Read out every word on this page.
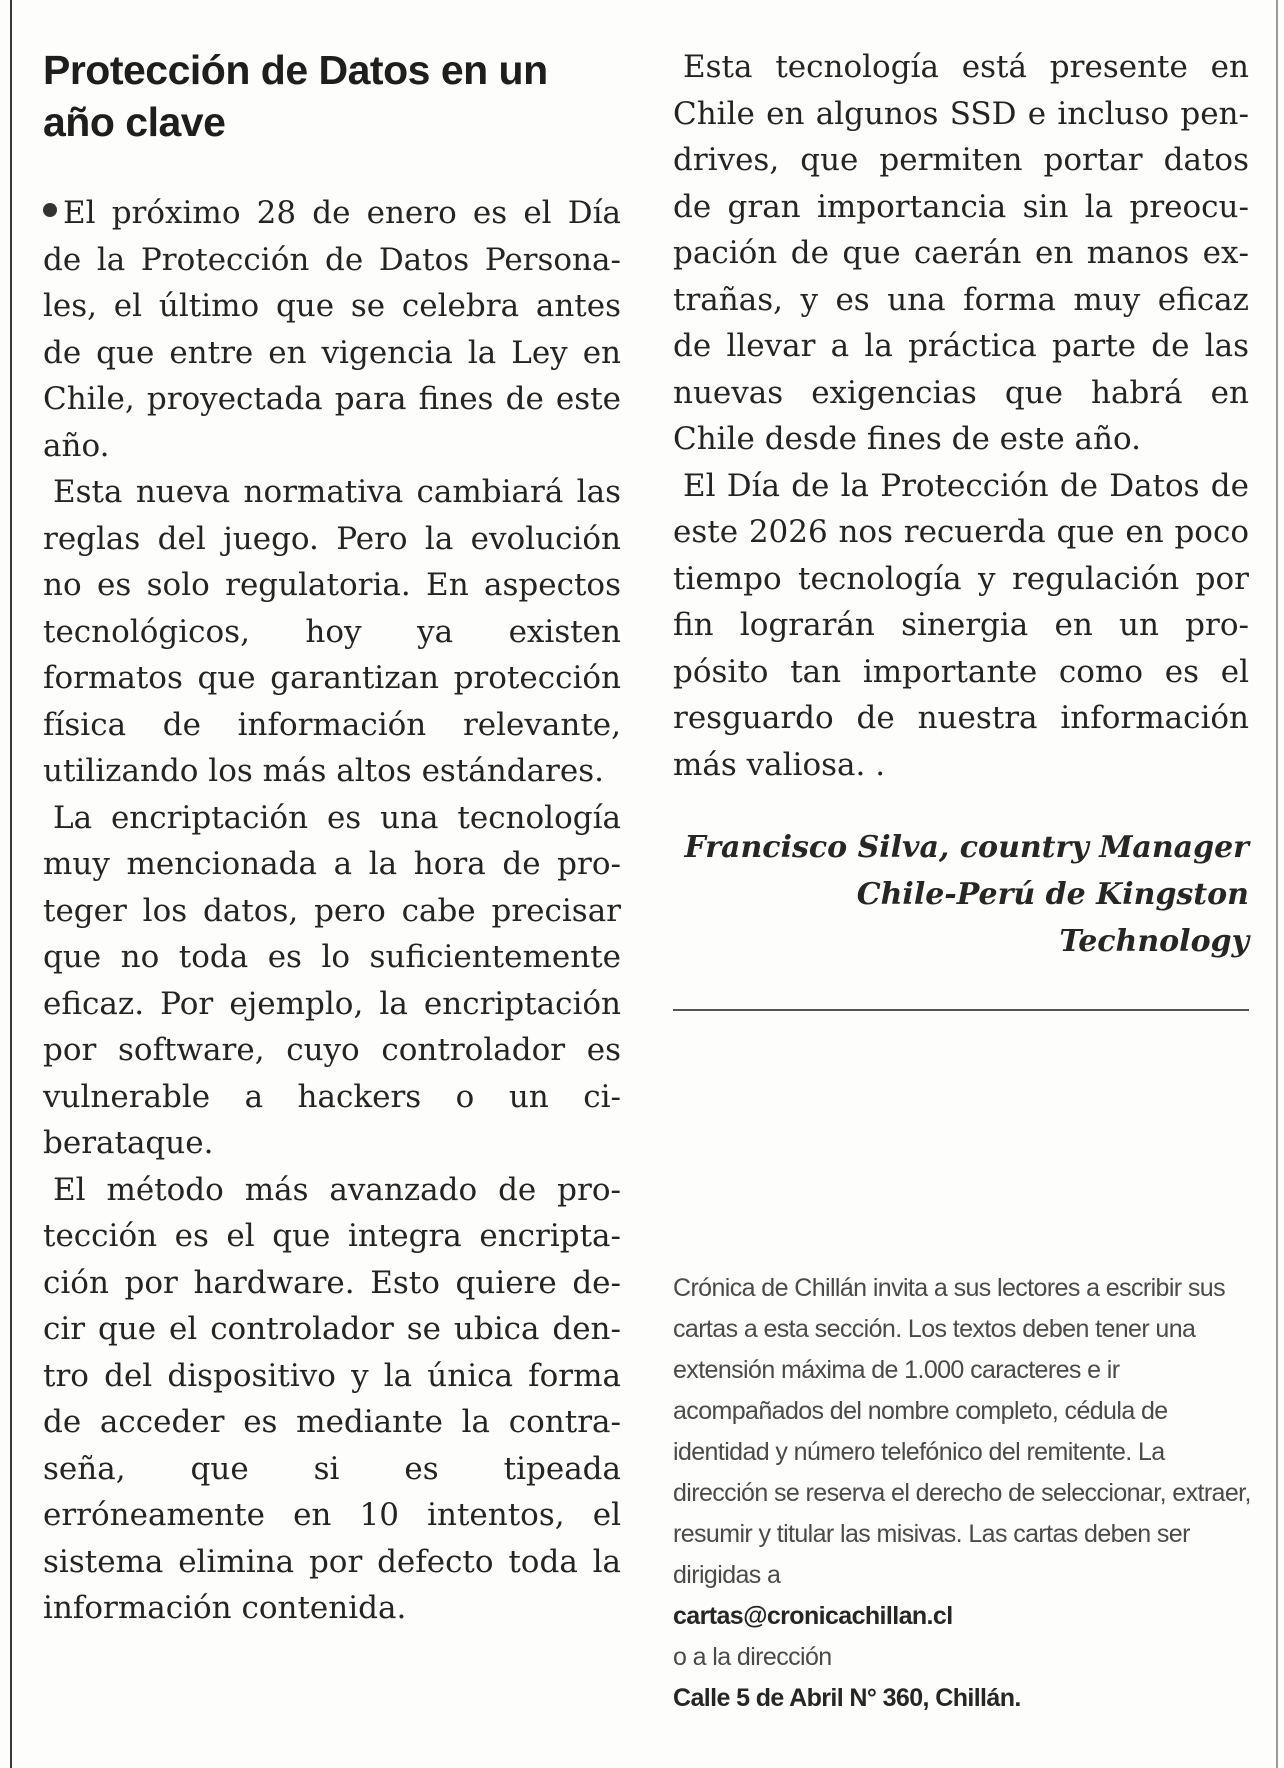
Protección de Datos en un año clave

El próximo 28 de enero es el Día de la Protección de Datos Personales, el último que se celebra antes de que entre en vigencia la Ley en Chile, proyectada para fines de este año.

Esta nueva normativa cambiará las reglas del juego. Pero la evolución no es solo regulatoria. En aspectos tecnológicos, hoy ya existen formatos que garantizan protección física de información relevante, utilizando los más altos estándares.

La encriptación es una tecnología muy mencionada a la hora de proteger los datos, pero cabe precisar que no toda es lo suficientemente eficaz. Por ejemplo, la encriptación por software, cuyo controlador es vulnerable a hackers o un ciberataque.

El método más avanzado de protección es el que integra encriptación por hardware. Esto quiere decir que el controlador se ubica dentro del dispositivo y la única forma de acceder es mediante la contraseña, que si es tipeada erróneamente en 10 intentos, el sistema elimina por defecto toda la información contenida.

Esta tecnología está presente en Chile en algunos SSD e incluso pendrives, que permiten portar datos de gran importancia sin la preocupación de que caerán en manos extrañas, y es una forma muy eficaz de llevar a la práctica parte de las nuevas exigencias que habrá en Chile desde fines de este año.

El Día de la Protección de Datos de este 2026 nos recuerda que en poco tiempo tecnología y regulación por fin lograrán sinergia en un propósito tan importante como es el resguardo de nuestra información más valiosa. .

Francisco Silva, country Manager Chile-Perú de Kingston Technology

Crónica de Chillán invita a sus lectores a escribir sus cartas a esta sección. Los textos deben tener una extensión máxima de 1.000 caracteres e ir acompañados del nombre completo, cédula de identidad y número telefónico del remitente. La dirección se reserva el derecho de seleccionar, extraer, resumir y titular las misivas. Las cartas deben ser dirigidas a

cartas@cronicachillan.cl

o a la dirección

Calle 5 de Abril N° 360, Chillán.
